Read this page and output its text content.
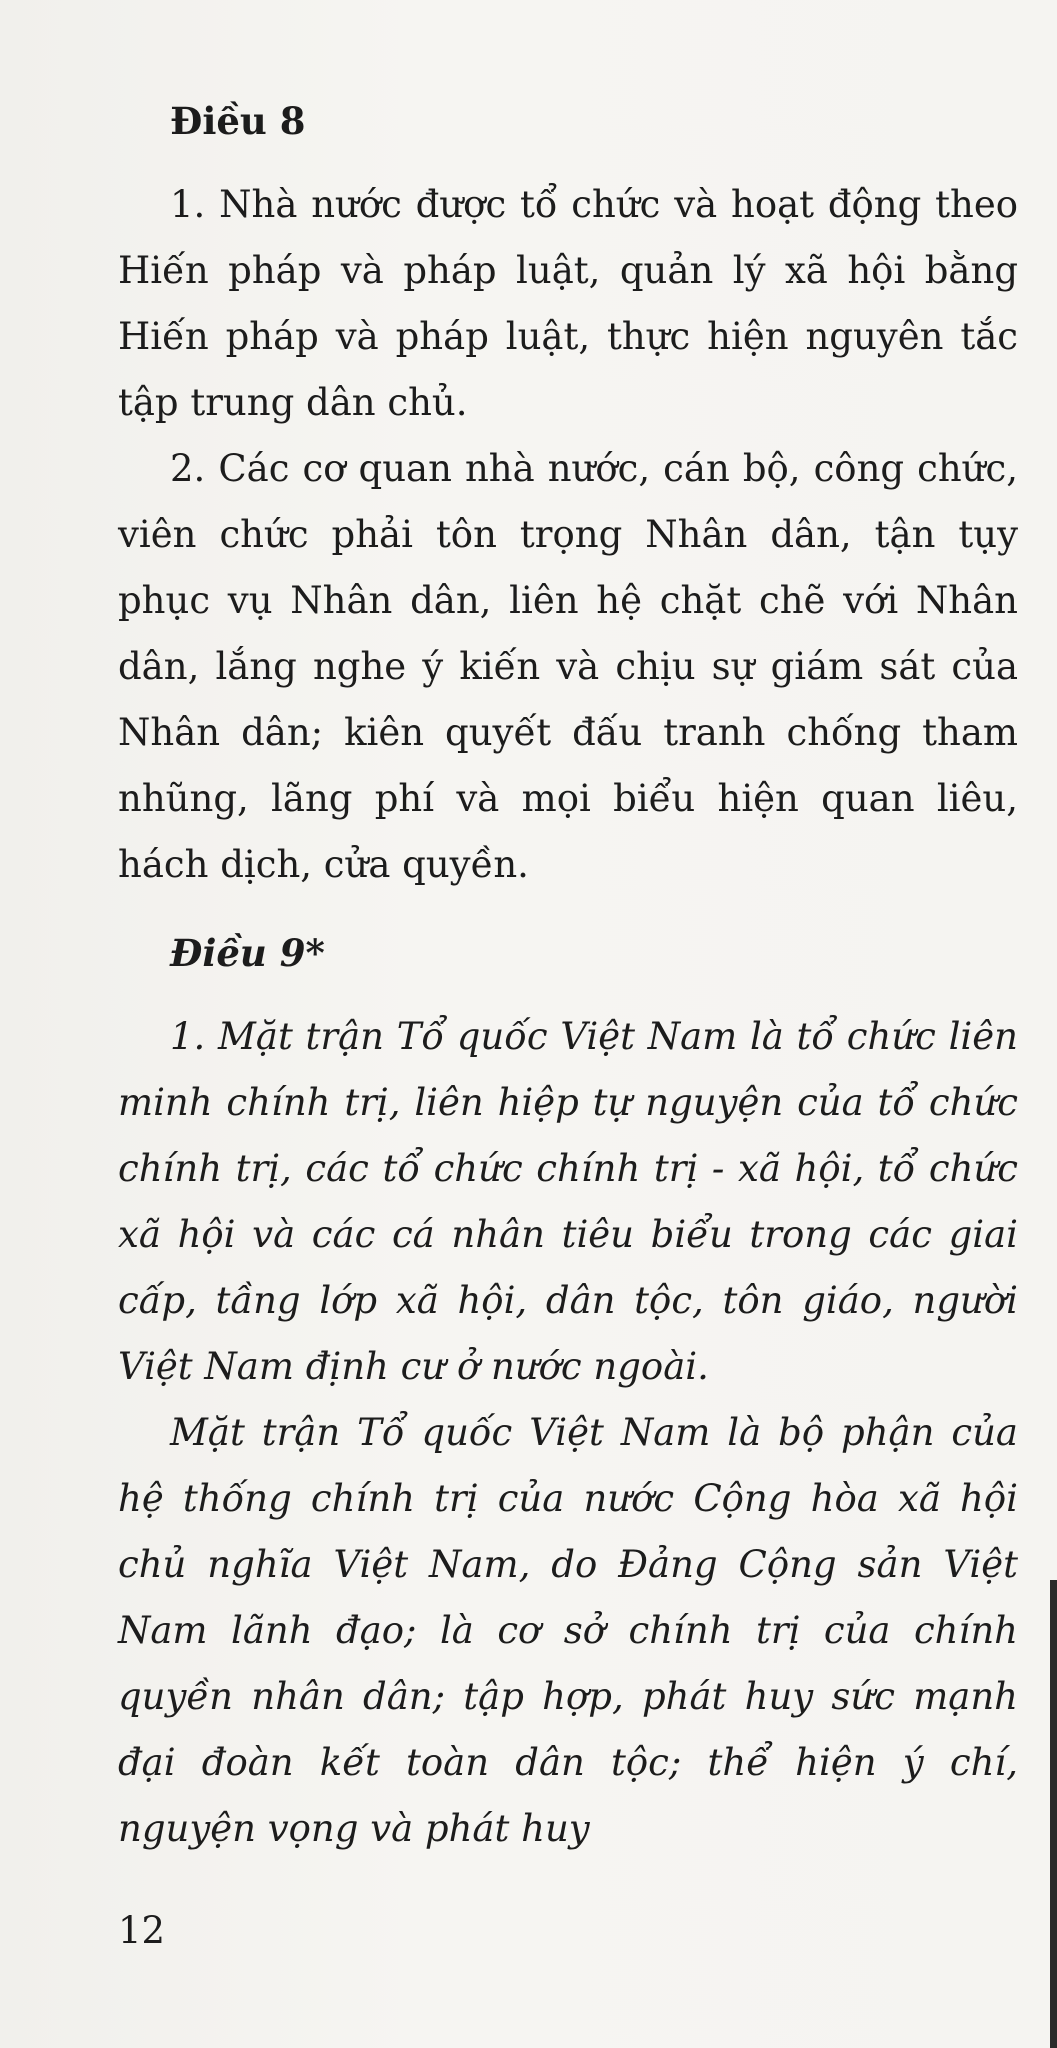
Điều 8

1. Nhà nước được tổ chức và hoạt động theo Hiến pháp và pháp luật, quản lý xã hội bằng Hiến pháp và pháp luật, thực hiện nguyên tắc tập trung dân chủ.

2. Các cơ quan nhà nước, cán bộ, công chức, viên chức phải tôn trọng Nhân dân, tận tụy phục vụ Nhân dân, liên hệ chặt chẽ với Nhân dân, lắng nghe ý kiến và chịu sự giám sát của Nhân dân; kiên quyết đấu tranh chống tham nhũng, lãng phí và mọi biểu hiện quan liêu, hách dịch, cửa quyền.

Điều 9*

1. Mặt trận Tổ quốc Việt Nam là tổ chức liên minh chính trị, liên hiệp tự nguyện của tổ chức chính trị, các tổ chức chính trị - xã hội, tổ chức xã hội và các cá nhân tiêu biểu trong các giai cấp, tầng lớp xã hội, dân tộc, tôn giáo, người Việt Nam định cư ở nước ngoài.

Mặt trận Tổ quốc Việt Nam là bộ phận của hệ thống chính trị của nước Cộng hòa xã hội chủ nghĩa Việt Nam, do Đảng Cộng sản Việt Nam lãnh đạo; là cơ sở chính trị của chính quyền nhân dân; tập hợp, phát huy sức mạnh đại đoàn kết toàn dân tộc; thể hiện ý chí, nguyện vọng và phát huy

12
